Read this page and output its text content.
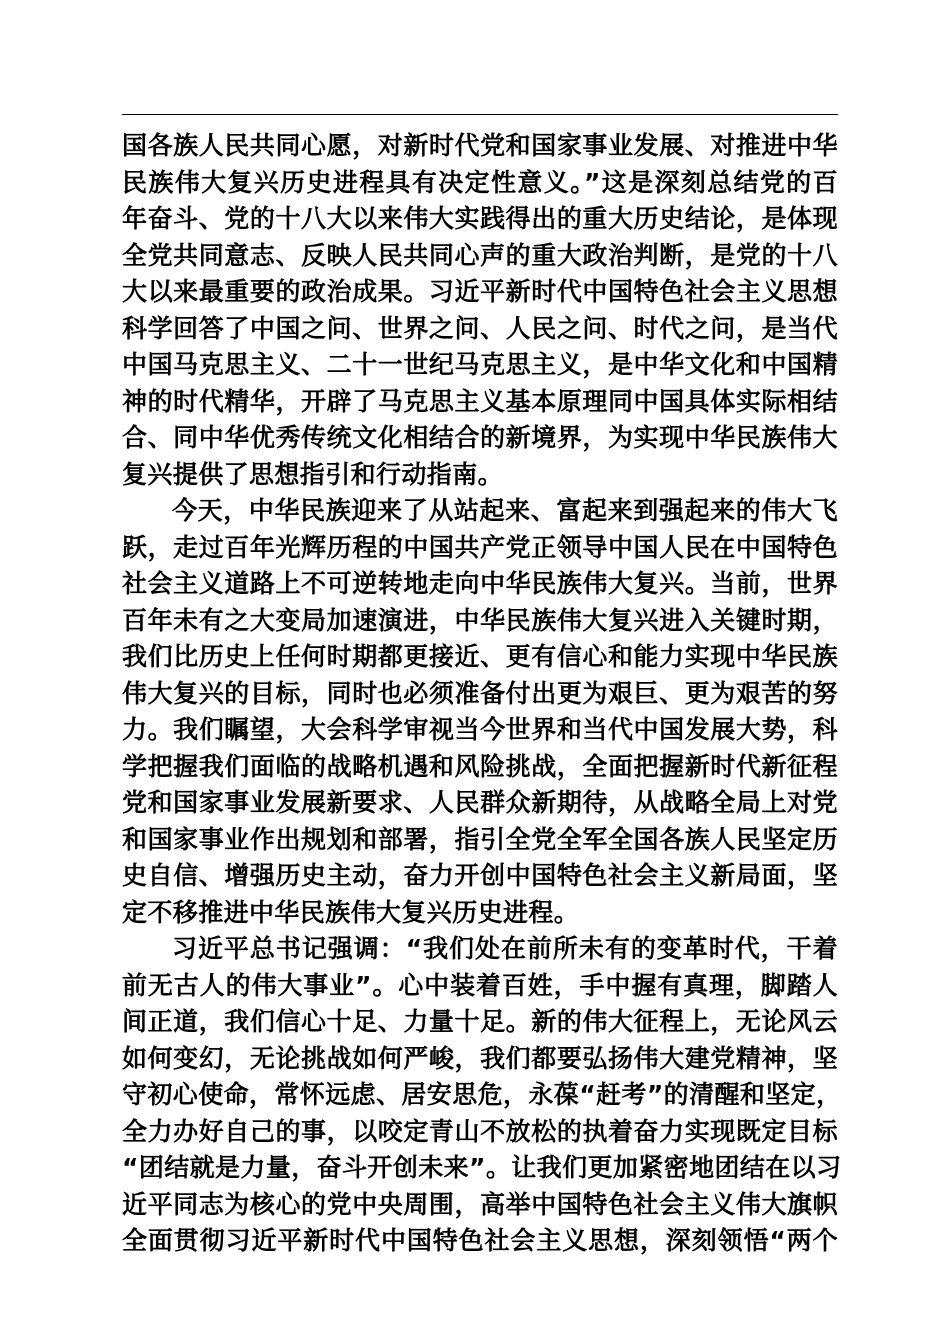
国各族人民共同心愿，对新时代党和国家事业发展、对推进中华
民族伟大复兴历史进程具有决定性意义。”这是深刻总结党的百
年奋斗、党的十八大以来伟大实践得出的重大历史结论，是体现
全党共同意志、反映人民共同心声的重大政治判断，是党的十八
大以来最重要的政治成果。习近平新时代中国特色社会主义思想
科学回答了中国之问、世界之问、人民之问、时代之问，是当代
中国马克思主义、二十一世纪马克思主义，是中华文化和中国精
神的时代精华，开辟了马克思主义基本原理同中国具体实际相结
合、同中华优秀传统文化相结合的新境界，为实现中华民族伟大
复兴提供了思想指引和行动指南。
今天，中华民族迎来了从站起来、富起来到强起来的伟大飞
跃，走过百年光辉历程的中国共产党正领导中国人民在中国特色
社会主义道路上不可逆转地走向中华民族伟大复兴。当前，世界
百年未有之大变局加速演进，中华民族伟大复兴进入关键时期，
我们比历史上任何时期都更接近、更有信心和能力实现中华民族
伟大复兴的目标，同时也必须准备付出更为艰巨、更为艰苦的努
力。我们瞩望，大会科学审视当今世界和当代中国发展大势，科
学把握我们面临的战略机遇和风险挑战，全面把握新时代新征程
党和国家事业发展新要求、人民群众新期待，从战略全局上对党
和国家事业作出规划和部署，指引全党全军全国各族人民坚定历
史自信、增强历史主动，奋力开创中国特色社会主义新局面，坚
定不移推进中华民族伟大复兴历史进程。
习近平总书记强调：“我们处在前所未有的变革时代，干着
前无古人的伟大事业”。心中装着百姓，手中握有真理，脚踏人
间正道，我们信心十足、力量十足。新的伟大征程上，无论风云
如何变幻，无论挑战如何严峻，我们都要弘扬伟大建党精神，坚
守初心使命，常怀远虑、居安思危，永葆“赶考”的清醒和坚定，
全力办好自己的事，以咬定青山不放松的执着奋力实现既定目标
“团结就是力量，奋斗开创未来”。让我们更加紧密地团结在以习
近平同志为核心的党中央周围，高举中国特色社会主义伟大旗帜
全面贯彻习近平新时代中国特色社会主义思想，深刻领悟“两个
